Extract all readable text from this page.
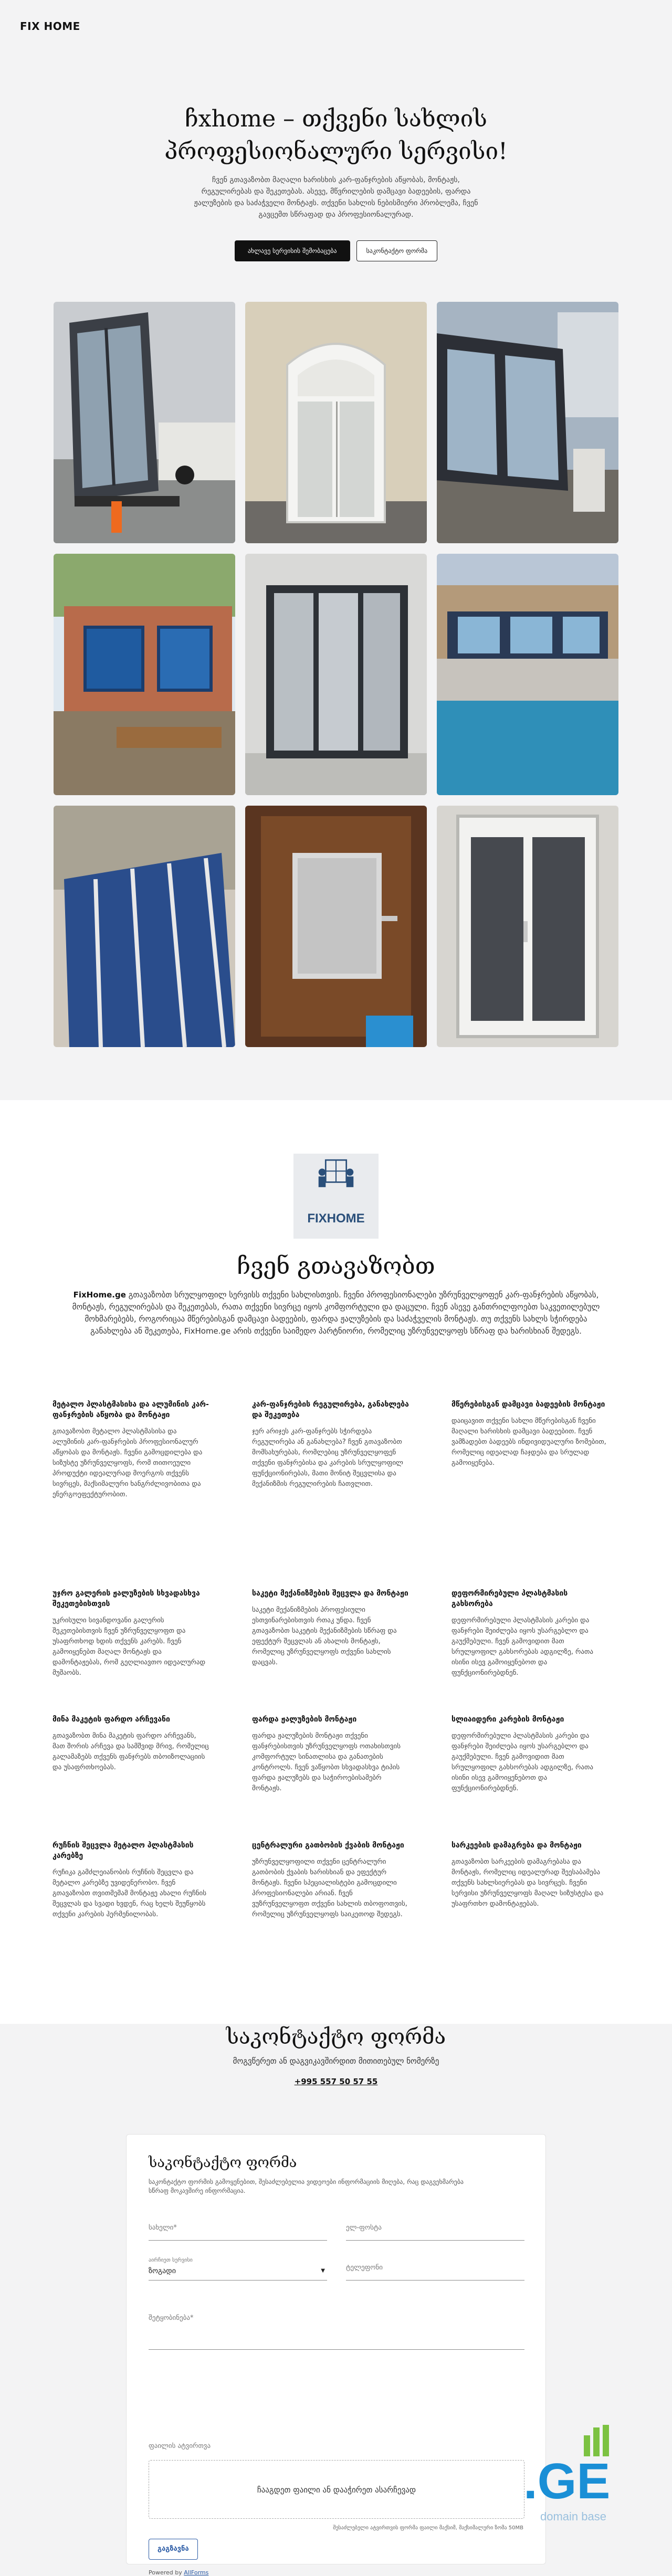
FIX HOME
ჩxhome – თქვენი სახლის პროფესიონალური სერვისი!
ჩვენ გთავაზობთ მაღალი ხარისხის კარ-ფანჯრების აწყობას, მონტაჟს, რეგულირებას და შეკეთებას. ასევე, მწვრილების დამცავი ბადეების, ფარდა ჟალუზების და საძაჭველი მონტაჟს. თქვენი სახლის ნებისმიერი პრობლემა, ჩვენ გავცემთ სწრაფად და პროფესიონალურად.
ახლავე სერვისის შემობაცება	საკონტაქტო ფორმა
FIXHOME
ჩვენ გთავაზობთ
FixHome.ge გთავაზობთ სრულყოფილ სერვისს თქვენი სახლისთვის. ჩვენი პროფესიონალები უზრუნველყოფენ კარ-ფანჯრების აწყობას, მონტაჟს, რეგულირებას და შეკეთებას, რათა თქვენი სივრცე იყოს კომფორტული და დაცული. ჩვენ ასევე განთრილფოებთ საკვეთილებულ მოხმარებებს, როგორიცაა მწერებისგან დამცავი ბადეების, ფარდა ჟალუზების და საძაჭველის მონტაჟს. თუ თქვენს სახლს სჭირდება განახლება ან შეკეთება, FixHome.ge არის თქვენი საიმედო პარტნიორი, რომელიც უზრუნველყოფს სწრაფ და ხარისხიან შედეგს.
მეტალო პლასტმასისა და ალუმინის კარ-ფანჯრების აწყობა და მონტაჟი
გთავაზობთ მეტალო პლასტმასისა და ალუმინის კარ-ფანჯრების პროფესიონალურ აწყობას და მონტაჟს. ჩვენი გამოცდილება და სიზუსტე უზრუნველყოფს, რომ თითოეული პროდუქტი იდეალურად მოერგოს თქვენს სივრცეს, მაქსიმალური ხანგრძლივობითა და ენერგოეფექტურობით.
კარ-ფანჯრების რეგულირება, განახლება და შეკეთება
ჯერ არიჯეს კარ-ფანჯრებს სჭირდება რეგულირება ან განახლება? ჩვენ გთავაზობთ მომსახურებას, რომლებიც უზრუნველყოფენ თქვენი ფანჯრებისა და კარების სრულყოფილ ფუნქციონირებას, მათი მონიტ შეცვლისა და მექანიზმის რეგულირების ჩათვლით.
მწერებისგან დამცავი ბადეების მონტაჟი
დაიცავით თქვენი სახლი მწერებისგან ჩვენი მაღალი ხარისხის დამცავი ბადეებით. ჩვენ ვამზადებთ ბადეებს ინდივიდუალური ზომებით, რომელიც იდეალად ჩაჯდება და სრულად გამოიყენება.
უჯრო გალერის ჟალუზების სხვადასხვა შეკეთებისთვის
უკრისული სივანდოვანი გალერის შეკეთებისთვის ჩვენ უზრუნველყოფთ და უსაფრთხოდ ხდის თქვენს კარებს. ჩვენ გამოიყენებთ მაღალ მონტაჟს და დამონტაჟებას, რომ გეღლიავთო იდეალურად მუშაობს.
საკეტი მექანიზმების შეცვლა და მონტაჟი
საკეტი მექანიზმების პროფესიული ესთვინარებისთვის რთაკ უნდა. ჩვენ გთავაზობთ საკეტის მექანიზმების სწრაფ და ეფექტურ შეცვლას ან ახალის მონტაჟს, რომელიც უზრუნველყოფს თქვენი სახლის დაცვას.
დეფორმირებული პლასტმასის გახსორება
დეფორმირებული პლასტმასის კარები და ფანჯრები შეიძლება იყოს უსარგებლო და გაუქმებული. ჩვენ გამოვიდით მათ სრულყოფილ გახსორებას ადგილზე, რათა ისინი ისევ გამოიყენებოთ და ფუნქციონირებდნენ.
მინა მაკეტის ფარდო არჩევანი
გთავაზობთ მინა მაკეტის ფარდო არჩევანს, მათ შორის არჩევა და სამშვიდ მრივ, რომელიც გალამაზებს თქვენს ფანჯრებს თბოიზოლაციის და უსაფრთხოებას.
ფარდა ჟალუზების მონტაჟი
ფარდა ჟალუზების მონტაჟი თქვენი ფანჯრებისთვის უზრუნველყოფს ოთახისთვის კომფორტულ სინათლისა და განათების კონტროლს. ჩვენ ვაწყობთ სხვადასხვა ტიპის ფარდა ჟალუზებს და საჭიროებისამებრ მონტაჟს.
სლიაიდერი კარების მონტაჟი
დეფორმირებული პლასტმასის კარები და ფანჯრები შეიძლება იყოს უსარგებლო და გაუქმებული. ჩვენ გამოვიდით მათ სრულყოფილ გახსორებას ადგილზე, რათა ისინი ისევ გამოიყენებოთ და ფუნქციონირებდნენ.
რუჩნის შეცვლა მეტალო პლასტმასის კარებზე
რუჩიკა გამძლეიანობის რუჩნის შეცვლა და მეტალო კარებზე უვიდენერობო. ჩვენ გთავაზობთ თვითმემამ მონტაჟე ახალი რუჩნის შეცვლას და სვადი ხვდენ, რაც ხელს შეუწყობს თქვენი კარების ჰერმენილობას.
ცენტრალური გათბობის ქვაბის მონტაჟი
უზრუნველყოფილი თქვენი ცენტრალური გათბობის ქვაბის ხარისხიან და ეფექტურ მონტაჟს. ჩვენი სპეციალისტები გამოცდილი პროფესიონალები არიან. ჩვენ ვუზრუნველყოფთ თქვენი სახლის თბოფოთვის, რომელიც უზრუნველყოფს საიკეთოდ შედეგს.
სარკეების დამაგრება და მონტაჟი
გთავაზობთ სარკეების დამაგრებასა და მონტაჟს, რომელიც იდეალურად შეესაბამება თქვენს სახლსიერებას და სივრცეს. ჩვენი სერვისი უზრუნველყოფს მაღალ სიზუსტესა და უსაფრთხო დამონტაჟებას.
საკონტაქტო ფორმა
მოგვწერეთ ან დაგვიკავშირდით მითითებულ ნომერზე
+995 557 50 57 55
საკონტაქტო ფორმა
საკონტაქტო ფორმის გამოყენებით, შესაძლებელია ვიდეოები ინფორმაციის მიღება, რაც დაგვეხმარება სწრაფ მოკავშირე ინფორმაცია.
სახელი*	ელ-ფოსტა
აირჩიეთ სერვისი
ზოგადი	▼	ტელეფონი
შეტყობინება*
ფაილის ატვირთვა
ჩააგდეთ ფაილი ან დააჭირეთ ასარჩევად
შესაძლებელი ატვირთვის ფორმა ფაილი მაქსიმ, მაქსიმალური ზომა 50MB
გაგზავნა
Powered by AllForms
.GE
domain base
